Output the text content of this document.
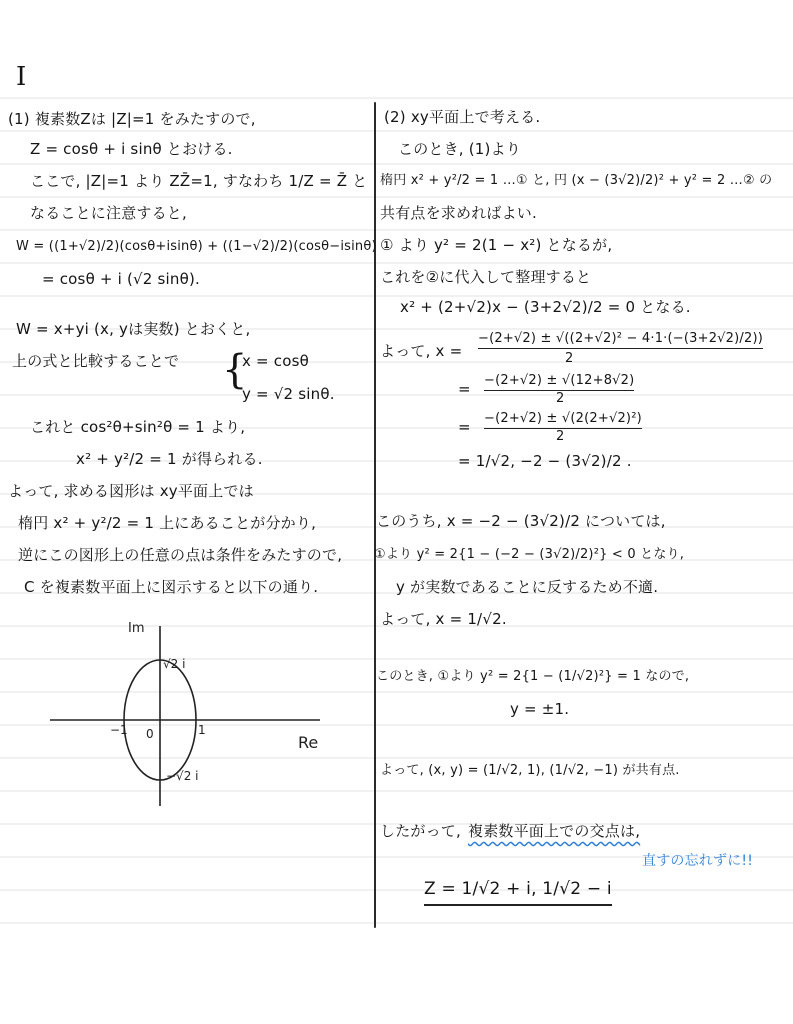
I
(1) 複素数Zは |Z|=1 をみたすので,
Z = cosθ + i sinθ とおける.
ここで, |Z|=1 より ZZ̄=1, すなわち 1/Z = Z̄ と
なることに注意すると,
W = ((1+√2)/2)(cosθ+isinθ) + ((1−√2)/2)(cosθ−isinθ)
= cosθ + i (√2 sinθ).
W = x+yi (x, yは実数) とおくと,
上の式と比較することで {
x = cosθ
y = √2 sinθ.
これと cos²θ+sin²θ = 1 より,
x² + y²/2 = 1 が得られる.
よって, 求める図形は xy平面上では
楕円 x² + y²/2 = 1 上にあることが分かり,
逆にこの図形上の任意の点は条件をみたすので,
C を複素数平面上に図示すると以下の通り.
Im
Re
√2 i
−√2 i
−1	1
0
(2) xy平面上で考える.
このとき, (1)より
楕円 x² + y²/2 = 1 …① と, 円 (x − (3√2)/2)² + y² = 2 …② の
共有点を求めればよい.
① より y² = 2(1 − x²) となるが,
これを②に代入して整理すると
x² + (2+√2)x − (3+2√2)/2 = 0 となる.
よって, x =
−(2+√2) ± √((2+√2)² − 4·1·(−(3+2√2)/2))
2
= −(2+√2) ± √(12+8√2)
2
= −(2+√2) ± √(2(2+√2)²)
2
= 1/√2, −2 − (3√2)/2 .
このうち, x = −2 − (3√2)/2 については,
①より y² = 2{1 − (−2 − (3√2)/2)²} < 0 となり,
y が実数であることに反するため不適.
よって, x = 1/√2.
このとき, ①より y² = 2{1 − (1/√2)²} = 1 なので,
y = ±1.
よって, (x, y) = (1/√2, 1), (1/√2, −1) が共有点.
したがって, 複素数平面上での交点は,
直すの忘れずに!!
Z = 1/√2 + i, 1/√2 − i
